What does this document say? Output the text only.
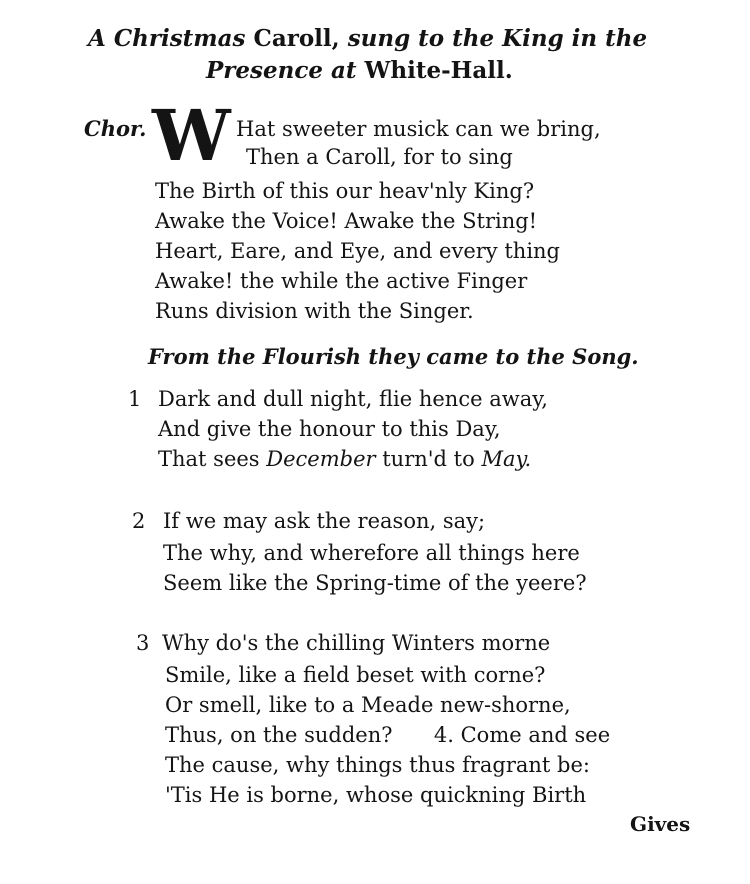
A Christmas Caroll, sung to the King in the
Presence at White-Hall.
Chor. W Hat sweeter musick can we bring,
Then a Caroll, for to sing
The Birth of this our heav'nly King?
Awake the Voice! Awake the String!
Heart, Eare, and Eye, and every thing
Awake! the while the active Finger
Runs division with the Singer.
From the Flourish they came to the Song.
1 Dark and dull night, flie hence away,
And give the honour to this Day,
That sees December turn'd to May.
2 If we may ask the reason, say;
The why, and wherefore all things here
Seem like the Spring-time of the yeere?
3 Why do's the chilling Winters morne
Smile, like a field beset with corne?
Or smell, like to a Meade new-shorne,
Thus, on the sudden? 4. Come and see
The cause, why things thus fragrant be:
'Tis He is borne, whose quickning Birth
Gives
